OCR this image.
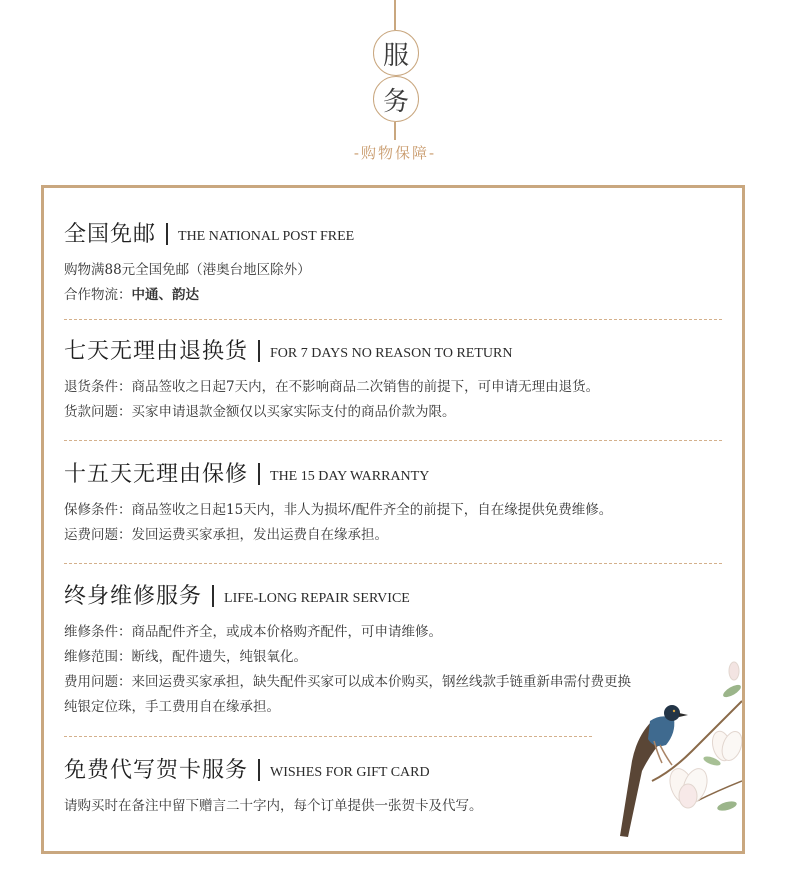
服
务
-购物保障-
全国免邮 THE NATIONAL POST FREE
购物满88元全国免邮（港奥台地区除外）
合作物流：中通、韵达
七天无理由退换货 FOR 7 DAYS NO REASON TO RETURN
退货条件：商品签收之日起7天内，在不影响商品二次销售的前提下，可申请无理由退货。
货款问题：买家申请退款金额仅以买家实际支付的商品价款为限。
十五天无理由保修 THE 15 DAY WARRANTY
保修条件：商品签收之日起15天内，非人为损坏/配件齐全的前提下，自在缘提供免费维修。
运费问题：发回运费买家承担，发出运费自在缘承担。
终身维修服务 LIFE-LONG REPAIR SERVICE
维修条件：商品配件齐全，或成本价格购齐配件，可申请维修。
维修范围：断线，配件遗失，纯银氧化。
费用问题：来回运费买家承担，缺失配件买家可以成本价购买，钢丝线款手链重新串需付费更换
纯银定位珠，手工费用自在缘承担。
免费代写贺卡服务 WISHES FOR GIFT CARD
请购买时在备注中留下赠言二十字内，每个订单提供一张贺卡及代写。
